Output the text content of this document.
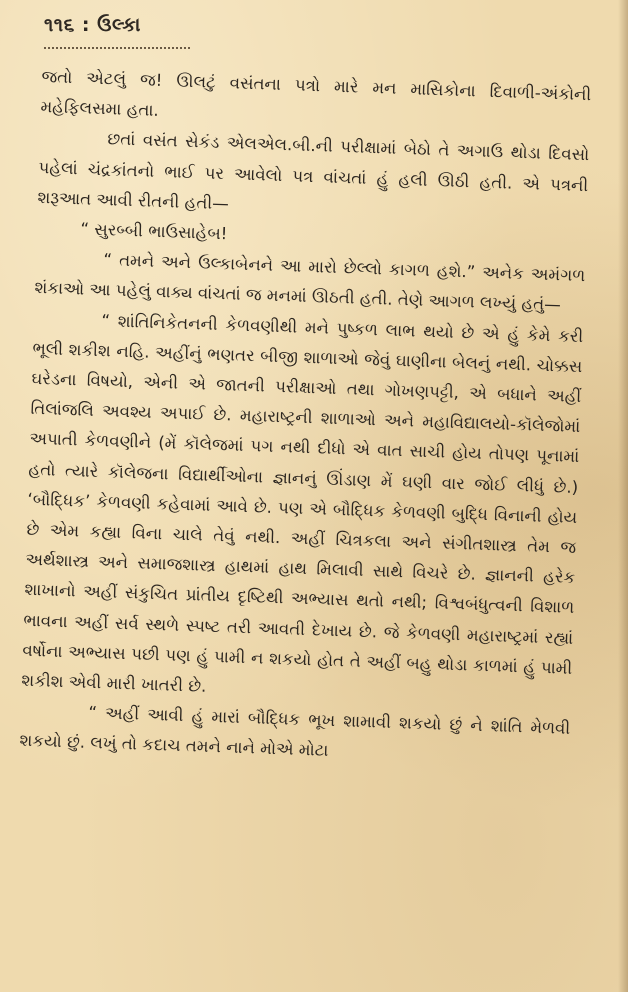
૧૧૬ : ઉલ્કા

જતો એટલું જ! ઊલટું વસંતના પત્રો મારે મન માસિકોના દિવાળી-અંકોની મહેફિલસમા હતા.

છતાં વસંત સેકંડ એલએલ.બી.ની પરીક્ષામાં બેઠો તે અગાઉ થોડા દિવસો પહેલાં ચંદ્રકાંતનો ભાઈ પર આવેલો પત્ર વાંચતાં હું હલી ઊઠી હતી. એ પત્રની શરૂઆત આવી રીતની હતી—

“ સુરબ્બી ભાઉસાહેબ!

“ તમને અને ઉલ્કાબેનને આ મારો છેલ્લો કાગળ હશે.” અનેક અમંગળ શંકાઓ આ પહેલું વાક્ય વાંચતાં જ મનમાં ઊઠતી હતી. તેણે આગળ લખ્યું હતું—

“ શાંતિનિકેતનની કેળવણીથી મને પુષ્કળ લાભ થયો છે એ હું કેમે કરી ભૂલી શકીશ નહિ. અહીંનું ભણતર બીજી શાળાઓ જેવું ઘાણીના બેલનું નથી. ચોક્કસ ઘરેડના વિષયો, એની એ જાતની પરીક્ષાઓ તથા ગોખણપટ્ટી, એ બધાને અહીં તિલાંજલિ અવશ્ય અપાઈ છે. મહારાષ્ટ્રની શાળાઓ અને મહાવિદ્યાલયો-કૉલેજોમાં અપાતી કેળવણીને (મેં કૉલેજમાં પગ નથી દીધો એ વાત સાચી હોય તોપણ પૂનામાં હતો ત્યારે કૉલેજના વિદ્યાર્થીઓના જ્ઞાનનું ઊંડાણ મેં ઘણી વાર જોઈ લીધું છે.) ‘બૌદ્ધિક’ કેળવણી કહેવામાં આવે છે. પણ એ બૌદ્ધિક કેળવણી બુદ્ધિ વિનાની હોય છે એમ કહ્યા વિના ચાલે તેવું નથી. અહીં ચિત્રકલા અને સંગીતશાસ્ત્ર તેમ જ અર્થશાસ્ત્ર અને સમાજશાસ્ત્ર હાથમાં હાથ મિલાવી સાથે વિચરે છે. જ્ઞાનની હરેક શાખાનો અહીં સંકુચિત પ્રાંતીય દૃષ્ટિથી અભ્યાસ થતો નથી; વિશ્વબંધુત્વની વિશાળ ભાવના અહીં સર્વ સ્થળે સ્પષ્ટ તરી આવતી દેખાય છે. જે કેળવણી મહારાષ્ટ્રમાં રહ્યાં વર્ષોના અભ્યાસ પછી પણ હું પામી ન શકયો હોત તે અહીં બહુ થોડા કાળમાં હું પામી શકીશ એવી મારી ખાતરી છે.

“ અહીં આવી હું મારાં બૌદ્ધિક ભૂખ શામાવી શકયો છું ને શાંતિ મેળવી શકયો છું. લખું તો કદાચ તમને નાને મોએ મોટા
